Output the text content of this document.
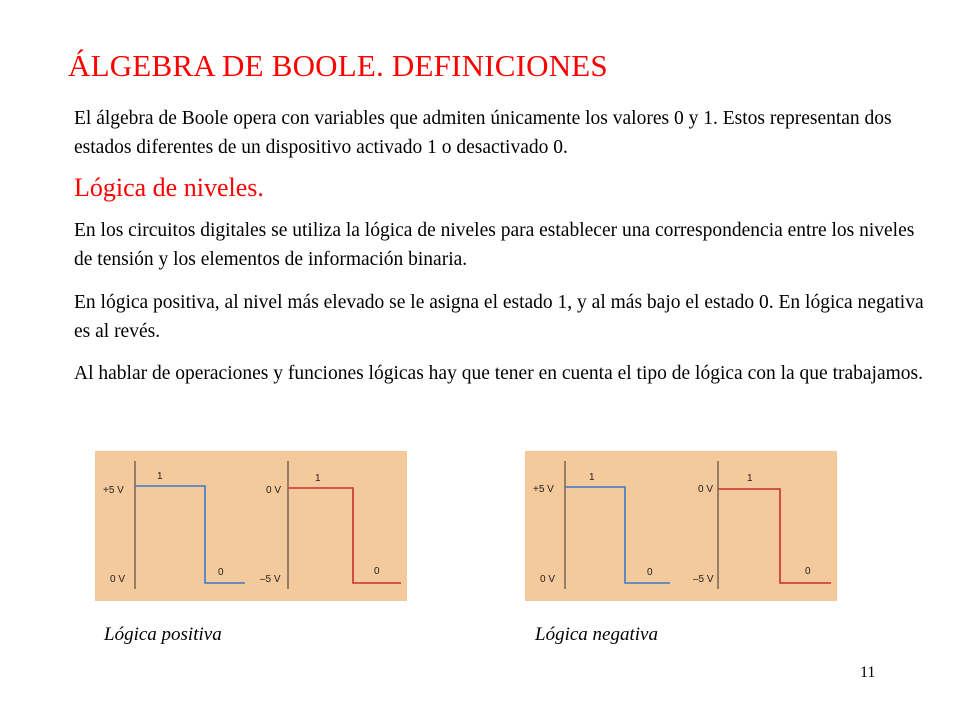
ÁLGEBRA DE BOOLE. DEFINICIONES
El álgebra de Boole opera con variables que admiten únicamente los valores 0 y 1. Estos representan dos estados diferentes de un dispositivo activado 1 o desactivado 0.
Lógica de niveles.
En los circuitos digitales se utiliza la lógica de niveles para establecer una correspondencia entre los niveles de tensión y los elementos de información binaria.
En lógica positiva, al nivel más elevado se le asigna el estado 1, y al más bajo el estado 0. En lógica negativa es al revés.
Al hablar de operaciones y funciones lógicas hay que tener en cuenta el tipo de lógica con la que trabajamos.
+5 V
0 V
1
0
0 V
–5 V
1
0
+5 V
0 V
1
0
0 V
–5 V
1
0
Lógica positiva	Lógica negativa
11
